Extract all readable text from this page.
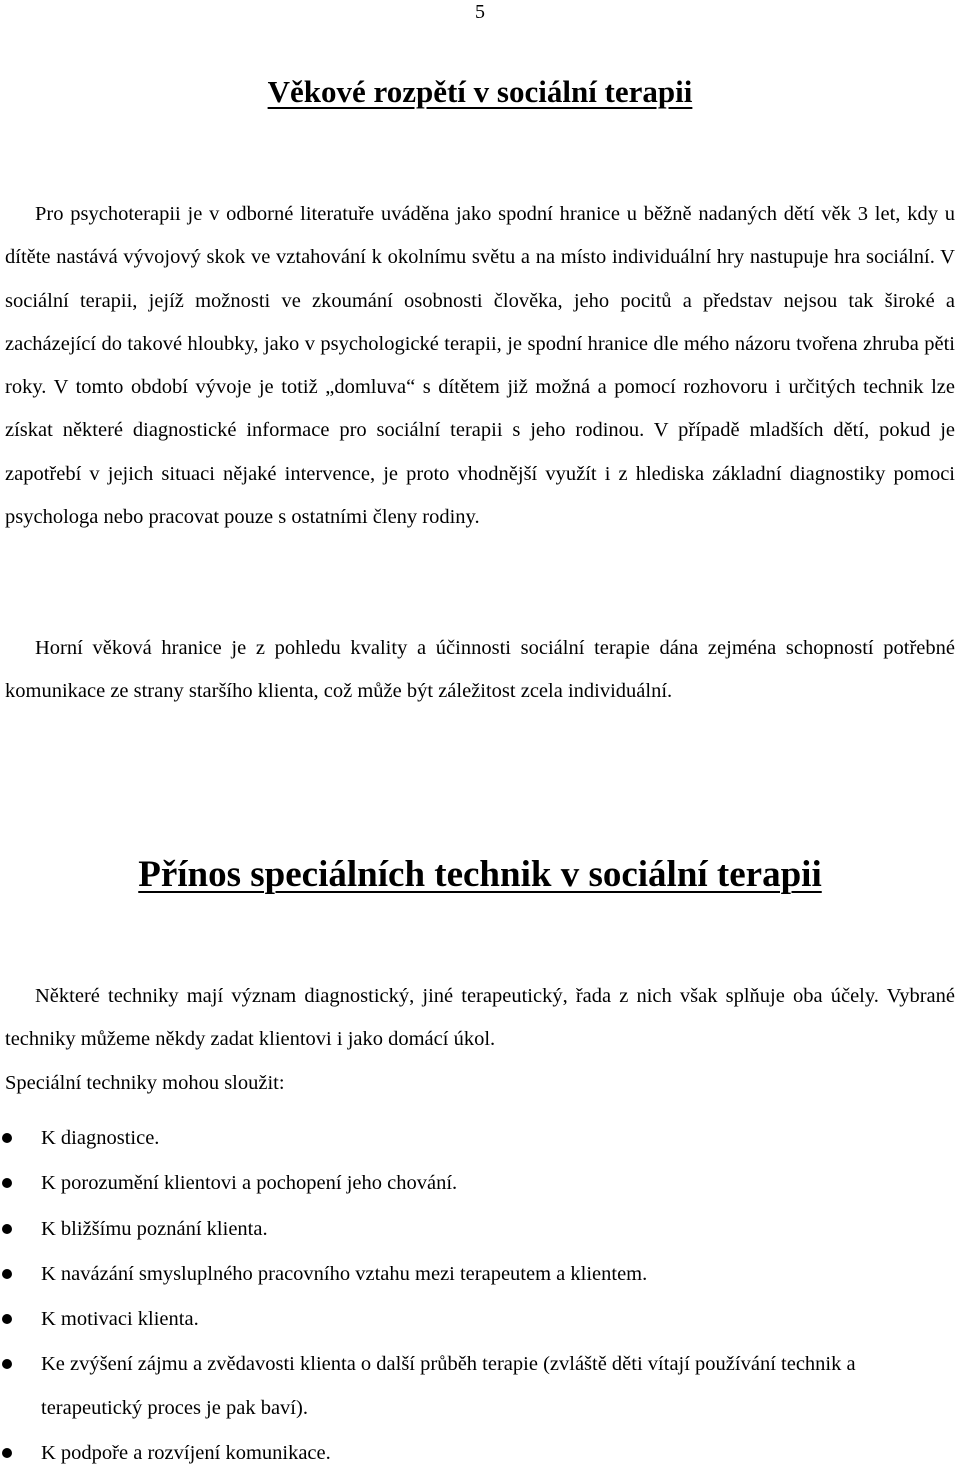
5
Věkové rozpětí v sociální terapii

Pro psychoterapii je v odborné literatuře uváděna jako spodní hranice u běžně nadaných dětí věk 3 let, kdy u dítěte nastává vývojový skok ve vztahování k okolnímu světu a na místo individuální hry nastupuje hra sociální. V sociální terapii, jejíž možnosti ve zkoumání osobnosti člověka, jeho pocitů a představ nejsou tak široké a zacházející do takové hloubky, jako v psychologické terapii, je spodní hranice dle mého názoru tvořena zhruba pěti roky. V tomto období vývoje je totiž „domluva“ s dítětem již možná a pomocí rozhovoru i určitých technik lze získat některé diagnostické informace pro sociální terapii s jeho rodinou. V případě mladších dětí, pokud je zapotřebí v jejich situaci nějaké intervence, je proto vhodnější využít i z hlediska základní diagnostiky pomoci psychologa nebo pracovat pouze s ostatními členy rodiny.

Horní věková hranice je z pohledu kvality a účinnosti sociální terapie dána zejména schopností potřebné komunikace ze strany staršího klienta, což může být záležitost zcela individuální.

Přínos speciálních technik v sociální terapii

Některé techniky mají význam diagnostický, jiné terapeutický, řada z nich však splňuje oba účely. Vybrané techniky můžeme někdy zadat klientovi i jako domácí úkol.
Speciální techniky mohou sloužit:

K diagnostice.
K porozumění klientovi a pochopení jeho chování.
K bližšímu poznání klienta.
K navázání smysluplného pracovního vztahu mezi terapeutem a klientem.
K motivaci klienta.
Ke zvýšení zájmu a zvědavosti klienta o další průběh terapie (zvláště děti vítají používání technik a terapeutický proces je pak baví).
K podpoře a rozvíjení komunikace.
